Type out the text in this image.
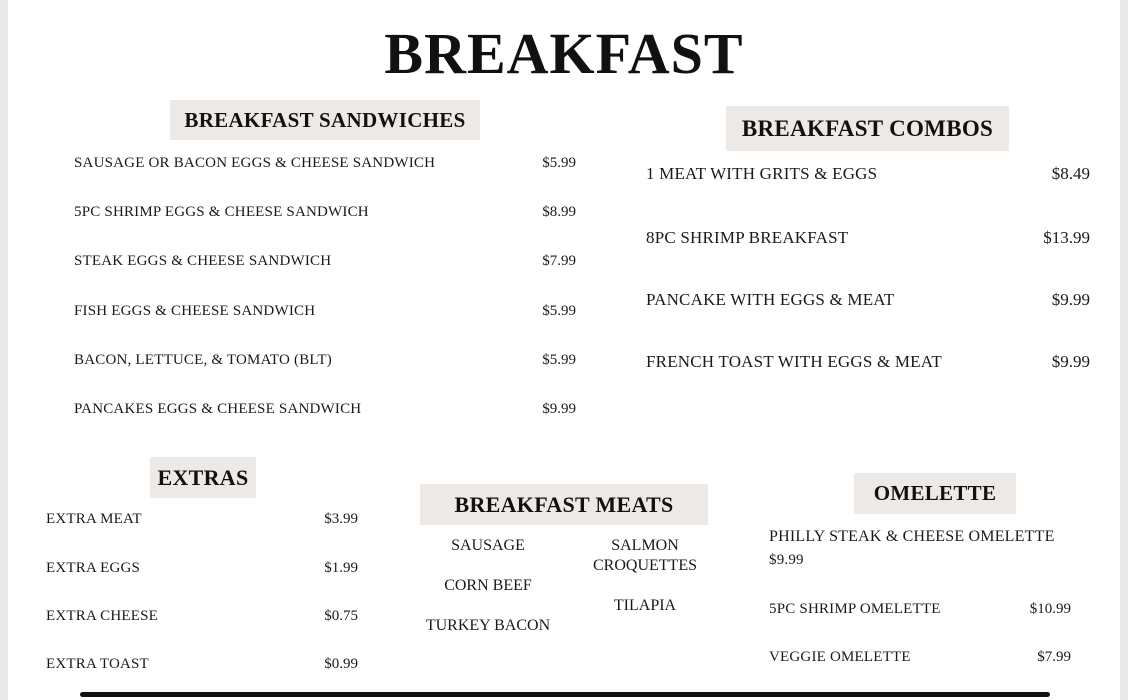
BREAKFAST
BREAKFAST SANDWICHES
SAUSAGE OR BACON EGGS & CHEESE SANDWICH	$5.99
5PC SHRIMP EGGS & CHEESE SANDWICH	$8.99
STEAK EGGS & CHEESE SANDWICH	$7.99
FISH EGGS & CHEESE SANDWICH	$5.99
BACON, LETTUCE, & TOMATO (BLT)	$5.99
PANCAKES EGGS & CHEESE SANDWICH	$9.99
BREAKFAST COMBOS
1 MEAT WITH GRITS & EGGS	$8.49
8PC SHRIMP BREAKFAST	$13.99
PANCAKE WITH EGGS & MEAT	$9.99
FRENCH TOAST WITH EGGS & MEAT	$9.99
EXTRAS
EXTRA MEAT	$3.99
EXTRA EGGS	$1.99
EXTRA CHEESE	$0.75
EXTRA TOAST	$0.99
BREAKFAST MEATS
SAUSAGE
CORN BEEF
TURKEY BACON
SALMON CROQUETTES
TILAPIA
OMELETTE
PHILLY STEAK & CHEESE OMELETTE
$9.99
5PC SHRIMP OMELETTE	$10.99
VEGGIE OMELETTE	$7.99
